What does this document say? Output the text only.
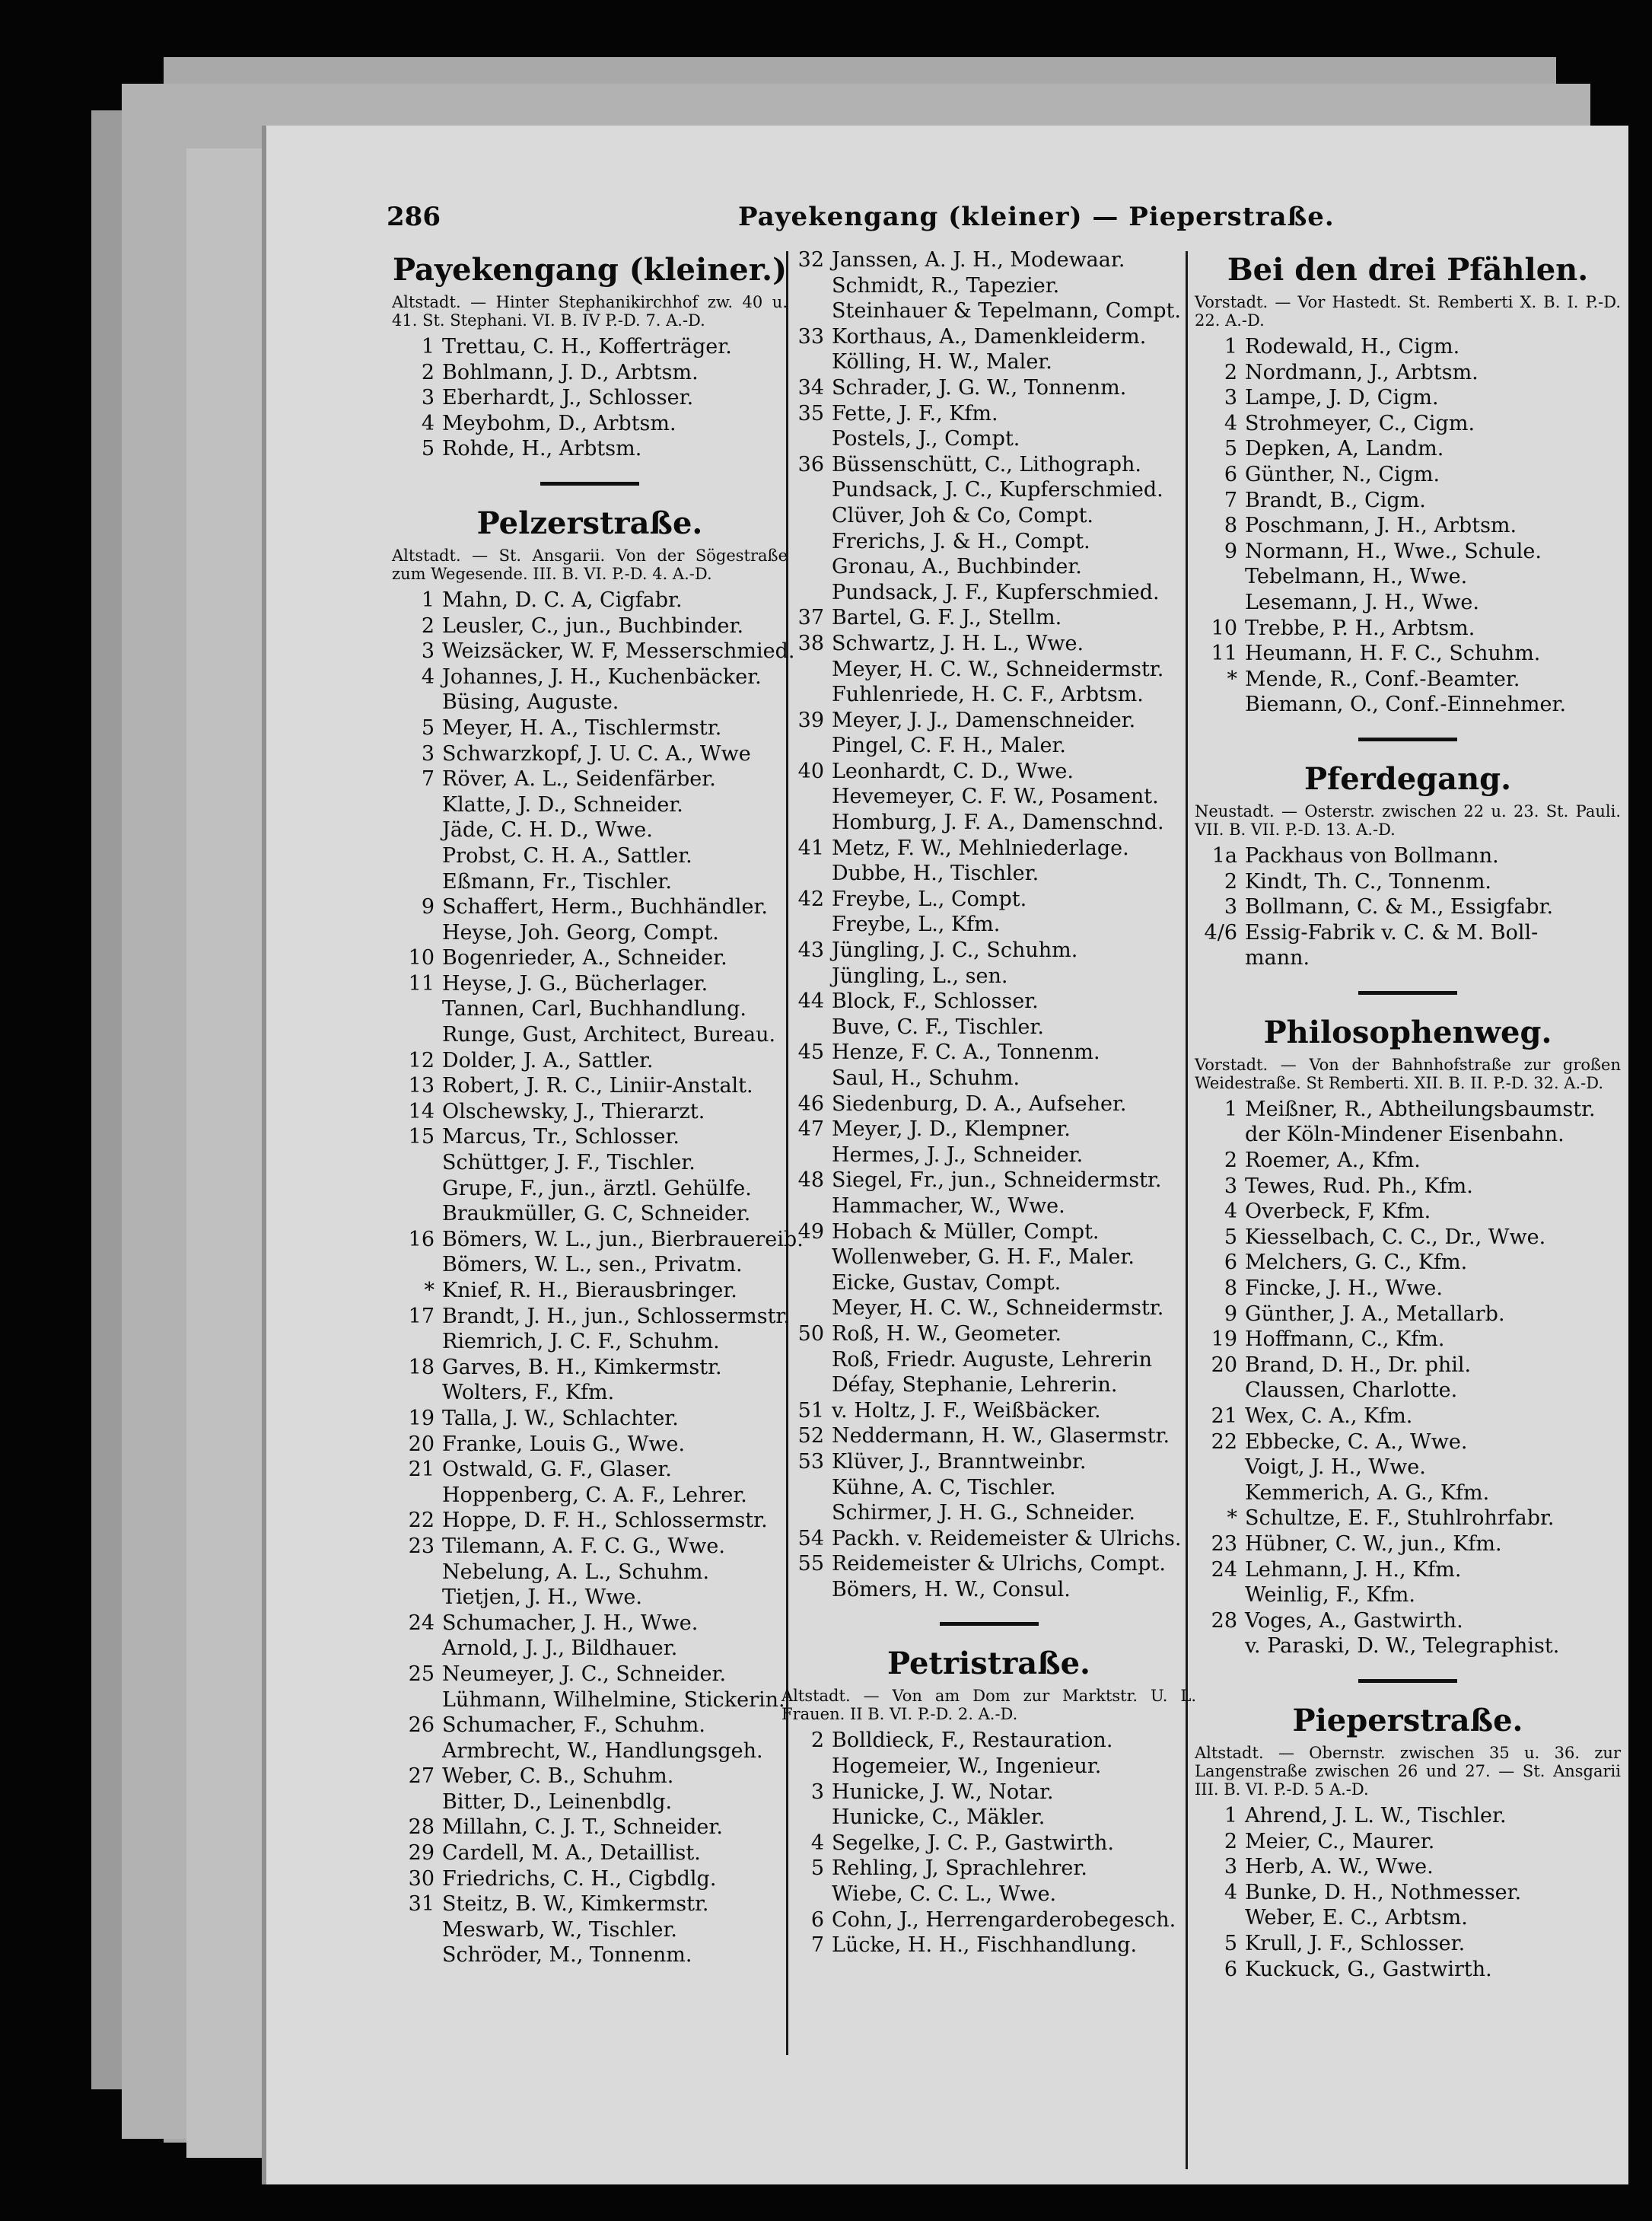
286	Payekengang (kleiner) — Pieperstraße.
Payekengang (kleiner.)
Altstadt. — Hinter Stephanikirchhof zw. 40 u. 41. St. Stephani. VI. B. IV P.-D. 7. A.-D.
1 Trettau, C. H., Kofferträger.
2 Bohlmann, J. D., Arbtsm.
3 Eberhardt, J., Schlosser.
4 Meybohm, D., Arbtsm.
5 Rohde, H., Arbtsm.
Pelzerstraße.
Altstadt. — St. Ansgarii. Von der Sögestraße zum Wegesende. III. B. VI. P.-D. 4. A.-D.
1 Mahn, D. C. A, Cigfabr.
2 Leusler, C., jun., Buchbinder.
3 Weizsäcker, W. F, Messerschmied.
4 Johannes, J. H., Kuchenbäcker.
Büsing, Auguste.
5 Meyer, H. A., Tischlermstr.
3 Schwarzkopf, J. U. C. A., Wwe
7 Röver, A. L., Seidenfärber.
Klatte, J. D., Schneider.
Jäde, C. H. D., Wwe.
Probst, C. H. A., Sattler.
Eßmann, Fr., Tischler.
9 Schaffert, Herm., Buchhändler.
Heyse, Joh. Georg, Compt.
10 Bogenrieder, A., Schneider.
11 Heyse, J. G., Bücherlager.
Tannen, Carl, Buchhandlung.
Runge, Gust, Architect, Bureau.
12 Dolder, J. A., Sattler.
13 Robert, J. R. C., Liniir-Anstalt.
14 Olschewsky, J., Thierarzt.
15 Marcus, Tr., Schlosser.
Schüttger, J. F., Tischler.
Grupe, F., jun., ärztl. Gehülfe.
Braukmüller, G. C, Schneider.
16 Bömers, W. L., jun., Bierbrauereib.
Bömers, W. L., sen., Privatm.
* Knief, R. H., Bierausbringer.
17 Brandt, J. H., jun., Schlossermstr.
Riemrich, J. C. F., Schuhm.
18 Garves, B. H., Kimkermstr.
Wolters, F., Kfm.
19 Talla, J. W., Schlachter.
20 Franke, Louis G., Wwe.
21 Ostwald, G. F., Glaser.
Hoppenberg, C. A. F., Lehrer.
22 Hoppe, D. F. H., Schlossermstr.
23 Tilemann, A. F. C. G., Wwe.
Nebelung, A. L., Schuhm.
Tietjen, J. H., Wwe.
24 Schumacher, J. H., Wwe.
Arnold, J. J., Bildhauer.
25 Neumeyer, J. C., Schneider.
Lühmann, Wilhelmine, Stickerin.
26 Schumacher, F., Schuhm.
Armbrecht, W., Handlungsgeh.
27 Weber, C. B., Schuhm.
Bitter, D., Leinenbdlg.
28 Millahn, C. J. T., Schneider.
29 Cardell, M. A., Detaillist.
30 Friedrichs, C. H., Cigbdlg.
31 Steitz, B. W., Kimkermstr.
Meswarb, W., Tischler.
Schröder, M., Tonnenm.
32 Janssen, A. J. H., Modewaar.
Schmidt, R., Tapezier.
Steinhauer & Tepelmann, Compt.
33 Korthaus, A., Damenkleiderm.
Kölling, H. W., Maler.
34 Schrader, J. G. W., Tonnenm.
35 Fette, J. F., Kfm.
Postels, J., Compt.
36 Büssenschütt, C., Lithograph.
Pundsack, J. C., Kupferschmied.
Clüver, Joh & Co, Compt.
Frerichs, J. & H., Compt.
Gronau, A., Buchbinder.
Pundsack, J. F., Kupferschmied.
37 Bartel, G. F. J., Stellm.
38 Schwartz, J. H. L., Wwe.
Meyer, H. C. W., Schneidermstr.
Fuhlenriede, H. C. F., Arbtsm.
39 Meyer, J. J., Damenschneider.
Pingel, C. F. H., Maler.
40 Leonhardt, C. D., Wwe.
Hevemeyer, C. F. W., Posament.
Homburg, J. F. A., Damenschnd.
41 Metz, F. W., Mehlniederlage.
Dubbe, H., Tischler.
42 Freybe, L., Compt.
Freybe, L., Kfm.
43 Jüngling, J. C., Schuhm.
Jüngling, L., sen.
44 Block, F., Schlosser.
Buve, C. F., Tischler.
45 Henze, F. C. A., Tonnenm.
Saul, H., Schuhm.
46 Siedenburg, D. A., Aufseher.
47 Meyer, J. D., Klempner.
Hermes, J. J., Schneider.
48 Siegel, Fr., jun., Schneidermstr.
Hammacher, W., Wwe.
49 Hobach & Müller, Compt.
Wollenweber, G. H. F., Maler.
Eicke, Gustav, Compt.
Meyer, H. C. W., Schneidermstr.
50 Roß, H. W., Geometer.
Roß, Friedr. Auguste, Lehrerin
Défay, Stephanie, Lehrerin.
51 v. Holtz, J. F., Weißbäcker.
52 Neddermann, H. W., Glasermstr.
53 Klüver, J., Branntweinbr.
Kühne, A. C, Tischler.
Schirmer, J. H. G., Schneider.
54 Packh. v. Reidemeister & Ulrichs.
55 Reidemeister & Ulrichs, Compt.
Bömers, H. W., Consul.
Petristraße.
Altstadt. — Von am Dom zur Marktstr. U. L. Frauen. II B. VI. P.-D. 2. A.-D.
2 Bolldieck, F., Restauration.
Hogemeier, W., Ingenieur.
3 Hunicke, J. W., Notar.
Hunicke, C., Mäkler.
4 Segelke, J. C. P., Gastwirth.
5 Rehling, J, Sprachlehrer.
Wiebe, C. C. L., Wwe.
6 Cohn, J., Herrengarderobegesch.
7 Lücke, H. H., Fischhandlung.
Bei den drei Pfählen.
Vorstadt. — Vor Hastedt. St. Remberti X. B. I. P.-D. 22. A.-D.
1 Rodewald, H., Cigm.
2 Nordmann, J., Arbtsm.
3 Lampe, J. D, Cigm.
4 Strohmeyer, C., Cigm.
5 Depken, A, Landm.
6 Günther, N., Cigm.
7 Brandt, B., Cigm.
8 Poschmann, J. H., Arbtsm.
9 Normann, H., Wwe., Schule.
Tebelmann, H., Wwe.
Lesemann, J. H., Wwe.
10 Trebbe, P. H., Arbtsm.
11 Heumann, H. F. C., Schuhm.
* Mende, R., Conf.-Beamter.
Biemann, O., Conf.-Einnehmer.
Pferdegang.
Neustadt. — Osterstr. zwischen 22 u. 23. St. Pauli. VII. B. VII. P.-D. 13. A.-D.
1a Packhaus von Bollmann.
2 Kindt, Th. C., Tonnenm.
3 Bollmann, C. & M., Essigfabr.
4/6 Essig-Fabrik v. C. & M. Boll-
mann.
Philosophenweg.
Vorstadt. — Von der Bahnhofstraße zur großen Weidestraße. St Remberti. XII. B. II. P.-D. 32. A.-D.
1 Meißner, R., Abtheilungsbaumstr.
der Köln-Mindener Eisenbahn.
2 Roemer, A., Kfm.
3 Tewes, Rud. Ph., Kfm.
4 Overbeck, F, Kfm.
5 Kiesselbach, C. C., Dr., Wwe.
6 Melchers, G. C., Kfm.
8 Fincke, J. H., Wwe.
9 Günther, J. A., Metallarb.
19 Hoffmann, C., Kfm.
20 Brand, D. H., Dr. phil.
Claussen, Charlotte.
21 Wex, C. A., Kfm.
22 Ebbecke, C. A., Wwe.
Voigt, J. H., Wwe.
Kemmerich, A. G., Kfm.
* Schultze, E. F., Stuhlrohrfabr.
23 Hübner, C. W., jun., Kfm.
24 Lehmann, J. H., Kfm.
Weinlig, F., Kfm.
28 Voges, A., Gastwirth.
v. Paraski, D. W., Telegraphist.
Pieperstraße.
Altstadt. — Obernstr. zwischen 35 u. 36. zur Langenstraße zwischen 26 und 27. — St. Ansgarii III. B. VI. P.-D. 5 A.-D.
1 Ahrend, J. L. W., Tischler.
2 Meier, C., Maurer.
3 Herb, A. W., Wwe.
4 Bunke, D. H., Nothmesser.
Weber, E. C., Arbtsm.
5 Krull, J. F., Schlosser.
6 Kuckuck, G., Gastwirth.
